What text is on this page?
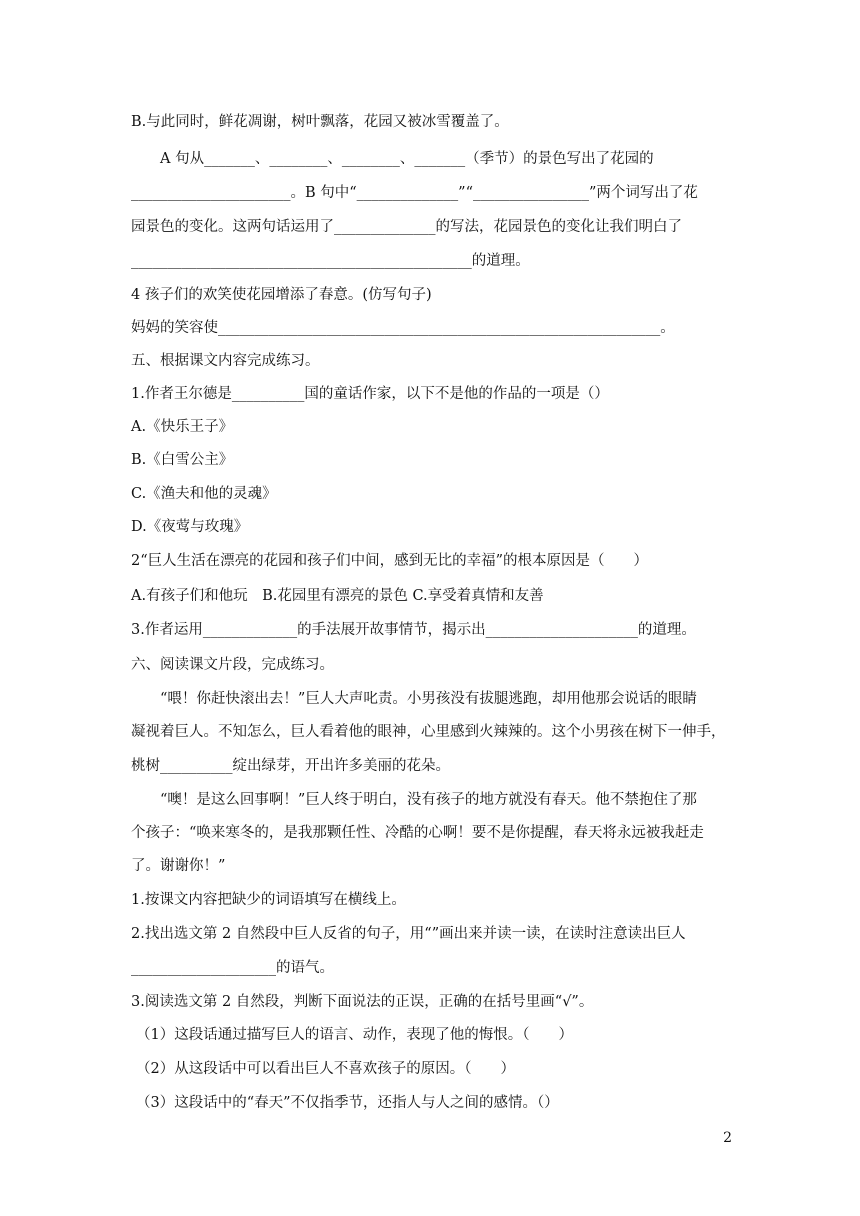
B.与此同时，鲜花凋谢，树叶飘落，花园又被冰雪覆盖了。
A 句从_______、________、________、_______（季节）的景色写出了花园的
______________________。B 句中“______________”“________________”两个词写出了花
园景色的变化。这两句话运用了______________的写法，花园景色的变化让我们明白了
_______________________________________________的道理。
4 孩子们的欢笑使花园增添了春意。(仿写句子)
妈妈的笑容使_____________________________________________________________。
五、根据课文内容完成练习。
1.作者王尔德是__________国的童话作家，以下不是他的作品的一项是（）
A.《快乐王子》
B.《白雪公主》
C.《渔夫和他的灵魂》
D.《夜莺与玫瑰》
2“巨人生活在漂亮的花园和孩子们中间，感到无比的幸福”的根本原因是（　　）
A.有孩子们和他玩　B.花园里有漂亮的景色 C.享受着真情和友善
3.作者运用_____________的手法展开故事情节，揭示出_____________________的道理。
六、阅读课文片段，完成练习。
“喂！你赶快滚出去！”巨人大声叱责。小男孩没有拔腿逃跑，却用他那会说话的眼睛
凝视着巨人。不知怎么，巨人看着他的眼神，心里感到火辣辣的。这个小男孩在树下一伸手，
桃树__________绽出绿芽，开出许多美丽的花朵。
“噢！是这么回事啊！”巨人终于明白，没有孩子的地方就没有春天。他不禁抱住了那
个孩子：“唤来寒冬的，是我那颗任性、冷酷的心啊！要不是你提醒，春天将永远被我赶走
了。谢谢你！”
1.按课文内容把缺少的词语填写在横线上。
2.找出选文第 2 自然段中巨人反省的句子，用“”画出来并读一读，在读时注意读出巨人
____________________的语气。
3.阅读选文第 2 自然段，判断下面说法的正误，正确的在括号里画“√”。
（1）这段话通过描写巨人的语言、动作，表现了他的悔恨。（　　）
（2）从这段话中可以看出巨人不喜欢孩子的原因。（　　）
（3）这段话中的“春天”不仅指季节，还指人与人之间的感情。（）
2
